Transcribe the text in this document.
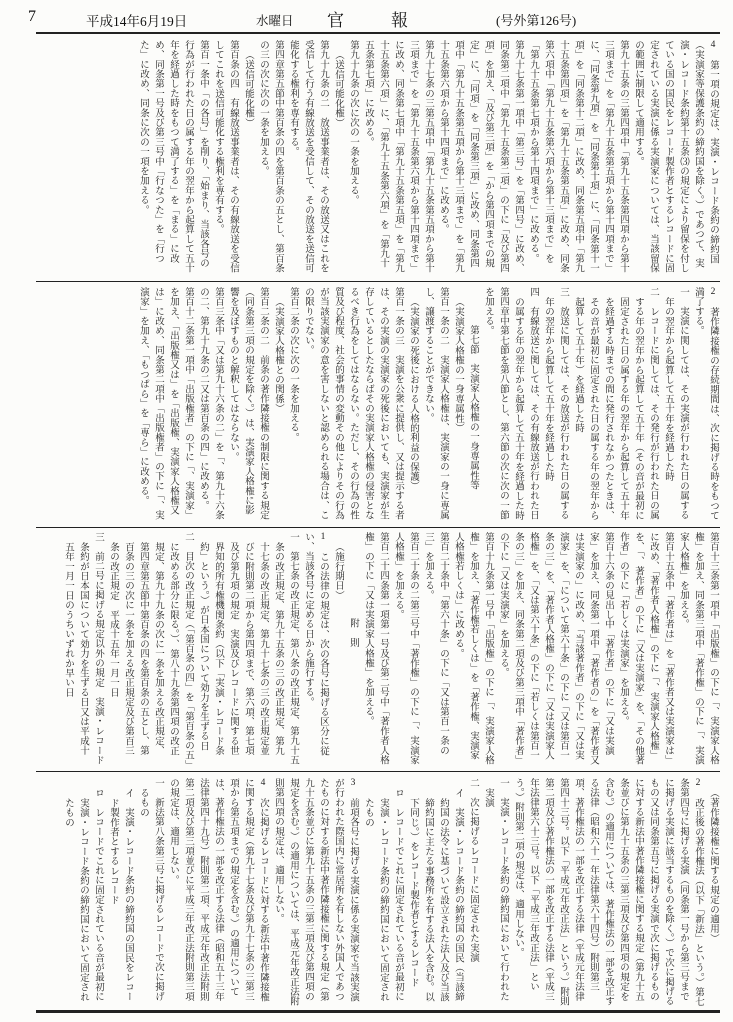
7	平成14年6月19日	水曜日 官	報	(号外第126号)

4　第一項の規定は、実演・レコード条約の締約国（実演家等保護条約の締約国を除く。）であつて、実演・レコード条約第十五条⑶の規定により留保を付している国の国民をレコード製作者とするレコードに固定されている実演に係る実演家については、当該留保の範囲に制限して適用する。

第九十五条の三第四項中「第九十五条第四項から第十三項まで」を「第九十五条第五項から第十四項まで」に、「同条第九項」を「同条第十項」に、「同条第十一項」を「同条第十二項」に改め、同条第五項中「第九十五条第四項」を「第九十五条第五項」に改め、同条第六項中「第九十五条第六項から第十三項まで」を「第九十五条第七項から第十四項まで」に改める。

第九十七条第一項中「第三号」を「第四号」に改め、同条第二項中「第九十五条第二項」の下に「及び第四項」を加え、「及び第三項」を「から第四項までの規定」に、「同項」を「同条第三項」に改め、同条第四項中「第九十五条第五項から第十三項まで」を「第九十五条第六項から第十四項まで」に改める。

第九十七条の三第五項中「第九十五条第五項から第十三項まで」を「第九十五条第六項から第十四項まで」に改め、同条第七項中「第九十五条第五項」を「第九十五条第六項」に、「第九十五条第六項」を「第九十五条第七項」に改める。

第九十九条の次に次の一条を加える。

（送信可能化権）

第九十九条の二　放送事業者は、その放送又はこれを受信して行う有線放送を受信して、その放送を送信可能化する権利を専有する。

第四章第五節中第百条の四を第百条の五とし、第百条の三の次に次の一条を加える。

（送信可能化権）

第百条の四　有線放送事業者は、その有線放送を受信してこれを送信可能化する権利を専有する。

第百一条中「の各号」を削り、「始まり、当該各号の行為が行われた日の属する年の翌年から起算して五十年を経過した時をもつて満了する」を「まる」に改め、同条第一号及び第三号中「行なつた」を「行つた」に改め、同条に次の一項を加える。

2　著作隣接権の存続期間は、次に掲げる時をもつて満了する。

一　実演に関しては、その実演が行われた日の属する年の翌年から起算して五十年を経過した時

二　レコードに関しては、その発行が行われた日の属する年の翌年から起算して五十年（その音が最初に固定された日の属する年の翌年から起算して五十年を経過する時までの間に発行されなかつたときは、その音が最初に固定された日の属する年の翌年から起算して五十年）を経過した時

三　放送に関しては、その放送が行われた日の属する年の翌年から起算して五十年を経過した時

四　有線放送に関しては、その有線放送が行われた日の属する年の翌年から起算して五十年を経過した時

第四章中第七節を第八節とし、第六節の次に次の一節を加える。

第七節　実演家人格権の一身専属性等

（実演家人格権の一身専属性）

第百一条の二　実演家人格権は、実演家の一身に専属し、譲渡することができない。

（実演家の死後における人格的利益の保護）

第百一条の三　実演を公衆に提供し、又は提示する者は、その実演の実演家の死後においても、実演家が生存しているとしたならばその実演家人格権の侵害となるべき行為をしてはならない。ただし、その行為の性質及び程度、社会的事情の変動その他によりその行為が当該実演家の意を害しないと認められる場合は、この限りでない。

第百二条の次に次の一条を加える。

（実演家人格権との関係）

第百二条の二　前条の著作隣接権の制限に関する規定（同条第三項の規定を除く。）は、実演家人格権に影響を及ぼすものと解釈してはならない。

第百三条中「又は第九十六条の二」を「、第九十六条の二、第九十九条の二又は第百条の四」に改める。

第百十二条第一項中「出版権者」の下に「、実演家」を加え、「出版権又は」を「出版権、実演家人格権又は」に改め、同条第二項中「出版権者」の下に「、実演家」を加え、「もつぱら」を「専ら」に改める。

第百十三条第一項中「出版権」の下に「、実演家人格権」を加え、同条第三項中「著作権」の下に「、実演家人格権」を加える。

第百十五条中「著作者は」を「著作者又は実演家は」に改め、「著作者人格権」の下に「、実演家人格権」を、「、著作者」の下に「又は実演家」を、「その他著作者」の下に「若しくは実演家」を加える。

第百十六条の見出し中「著作者」の下に「又は実演家」を加え、同条第一項中「著作者の」を「著作者又は実演家の」に改め、「当該著作者」の下に「又は実演家」を、「について第六十条」の下に「又は第百一条の三」を、「著作者人格権」の下に「又は実演家人格権」を、「又は第六十条」の下に「若しくは第百一条の三」を加え、同条第二項及び第三項中「著作者」の下に「又は実演家」を加える。

第百十九条第一号中「出版権」の下に「、実演家人格権」を加え、「著作権若しくは」を「著作権、実演家人格権若しくは」に改める。

第百二十条中「第六十条」の下に「又は第百一条の三」を加える。

第百二十条の二第三号中「著作権」の下に「、実演家人格権」を加える。

第百二十四条第一項第一号及び第二号中「著作者人格権」の下に「又は実演家人格権」を加える。

附　則

（施行期日）

1　この法律の規定は、次の各号に掲げる区分に従い、当該各号に定める日から施行する。

一　第七条の改正規定、第八条の改正規定、第九十五条の改正規定、第九十五条の三の改正規定、第九十七条の改正規定、第九十七条の三の改正規定並びに附則第二項から第四項まで、第六項、第七項及び第九項の規定　実演及びレコードに関する世界知的所有権機関条約（以下「実演・レコード条約」という。）が日本国について効力を生ずる日

二　目次の改正規定（「第百条の四」を「第百条の五」に改める部分に限る。）、第八十九条第四項の改正規定、第九十九条の次に一条を加える改正規定、第四章第五節中第百条の四を第百条の五とし、第百条の三の次に一条を加える改正規定及び第百三条の改正規定　平成十五年一月一日

三　前二号に掲げる規定以外の規定　実演・レコード条約が日本国について効力を生ずる日又は平成十五年一月一日のうちいずれか早い日

（著作隣接権に関する規定の適用）

2　改正後の著作権法（以下「新法」という。）第七条第四号に掲げる実演（同条第一号から第三号までに掲げる実演に該当するものを除く。）で次に掲げるもの又は同条第五号に掲げる実演で次に掲げるものに対する新法中著作隣接権に関する規定（第九十五条並びに第九十五条の三第三項及び第四項の規定を含む。）の適用については、著作権法の一部を改正する法律（昭和六十一年法律第六十四号）附則第三項、著作権法の一部を改正する法律（平成元年法律第四十三号。以下「平成元年改正法」という。）附則第二項及び著作権法の一部を改正する法律（平成三年法律第六十三号。以下「平成三年改正法」という。）附則第二項の規定は、適用しない。

一　実演・レコード条約の締約国において行われた実演

二　次に掲げるレコードに固定された実演

イ　実演・レコード条約の締約国の国民（当該締約国の法令に基づいて設立された法人及び当該締約国に主たる事務所を有する法人を含む。以下同じ。）をレコード製作者とするレコード

ロ　レコードでこれに固定されている音が最初に実演・レコード条約の締約国において固定されたもの

3　前項各号に掲げる実演に係る実演家で当該実演が行われた際国内に常居所を有しない外国人であつたものに対する新法中著作隣接権に関する規定（第九十五条並びに第九十五条の三第三項及び第四項の規定を含む。）の適用については、平成元年改正法附則第四項の規定は、適用しない。

4　次に掲げるレコードに対する新法中著作隣接権に関する規定（第九十七条及び第九十七条の三第三項から第五項までの規定を含む。）の適用については、著作権法の一部を改正する法律（昭和五十三年法律第四十九号）附則第二項、平成元年改正法附則第二項及び第三項並びに平成三年改正法附則第三項の規定は、適用しない。

一　新法第八条第三号に掲げるレコードで次に掲げるもの

イ　実演・レコード条約の締約国の国民をレコード製作者とするレコード

ロ　レコードでこれに固定されている音が最初に実演・レコード条約の締約国において固定されたもの
